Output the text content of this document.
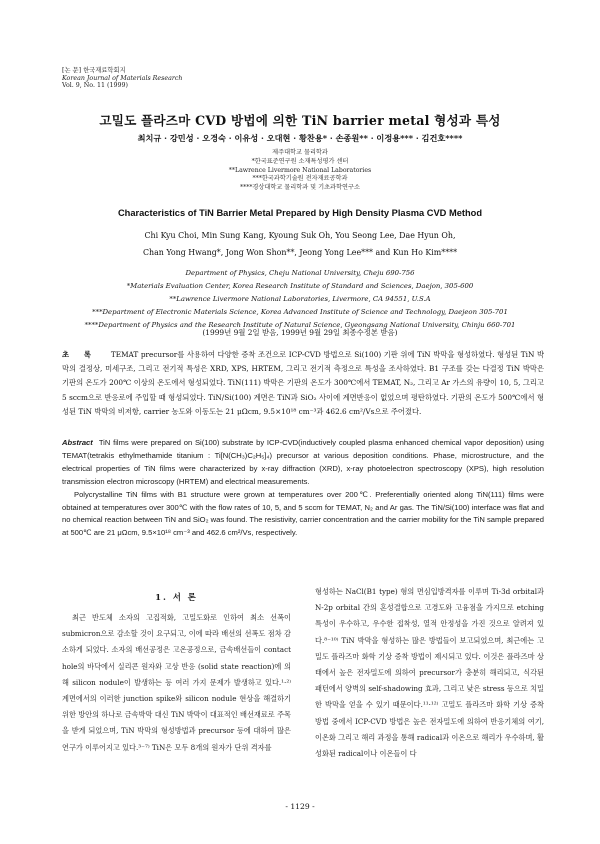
[논 문] 한국재료학회지
Korean Journal of Materials Research
Vol. 9, No. 11 (1999)
고밀도 플라즈마 CVD 방법에 의한 TiN barrier metal 형성과 특성
최치규 · 강민성 · 오경숙 · 이유성 · 오대현 · 황찬용* · 손종원** · 이정용*** · 김건호****
제주대학교 물리학과
*한국표준연구원 소재특성평가 센터
**Lawrence Livermore National Laboratories
***한국과학기술원 전자재료공학과
****경상대학교 물리학과 및 기초과학연구소
Characteristics of TiN Barrier Metal Prepared by High Density Plasma CVD Method
Chi Kyu Choi, Min Sung Kang, Kyoung Suk Oh, You Seong Lee, Dae Hyun Oh,
Chan Yong Hwang*, Jong Won Shon**, Jeong Yong Lee*** and Kun Ho Kim****
Department of Physics, Cheju National University, Cheju 690-756
*Materials Evaluation Center, Korea Research Institute of Standard and Sciences, Daejon, 305-600
**Lawrence Livermore National Laboratories, Livermore, CA 94551, U.S.A
***Department of Electronic Materials Science, Korea Advanced Institute of Science and Technology, Daejeon 305-701
****Department of Physics and the Research Institute of Natural Science, Gyeongsang National University, Chinju 660-701
(1999년 9월 2일 받음, 1999년 9월 29일 최종수정본 받음)
초 록 TEMAT precursor를 사용하여 다양한 증착 조건으로 ICP-CVD 방법으로 Si(100) 기판 위에 TiN 박막을 형성하였다. 형성된 TiN 박막의 결정상, 미세구조, 그리고 전기적 특성은 XRD, XPS, HRTEM, 그리고 전기적 측정으로 특성을 조사하였다. B1 구조를 갖는 다결정 TiN 박막은 기판의 온도가 200℃ 이상의 온도에서 형성되었다. TiN(111) 박막은 기판의 온도가 300℃에서 TEMAT, N₂, 그리고 Ar 가스의 유량이 10, 5, 그리고 5 sccm으로 반응로에 주입할 때 형성되었다. TiN/Si(100) 계면은 TiN과 SiO₂ 사이에 계면반응이 없었으며 평탄하였다. 기판의 온도가 500℃에서 형성된 TiN 박막의 비저항, carrier 농도와 이동도는 21 μΩcm, 9.5×10¹⁸ cm⁻³과 462.6 cm²/Vs으로 주어졌다.

Abstract TiN films were prepared on Si(100) substrate by ICP-CVD(inductively coupled plasma enhanced chemical vapor deposition) using TEMAT(tetrakis ethylmethamide titanium : Ti[N(CH₃)C₂H₅]₄) precursor at various deposition conditions. Phase, microstructure, and the electrical properties of TiN films were characterized by x-ray diffraction (XRD), x-ray photoelectron spectroscopy (XPS), high resolution transmission electron microscopy (HRTEM) and electrical measurements.

Polycrystalline TiN films with B1 structure were grown at temperatures over 200℃. Preferentially oriented along TiN(111) films were obtained at temperatures over 300℃ with the flow rates of 10, 5, and 5 sccm for TEMAT, N₂ and Ar gas. The TiN/Si(100) interface was flat and no chemical reaction between TiN and SiO₂ was found. The resistivity, carrier concentration and the carrier mobility for the TiN sample prepared at 500℃ are 21 μΩcm, 9.5×10¹⁸ cm⁻³ and 462.6 cm²/Vs, respectively.

1. 서 론

최근 반도체 소자의 고집적화, 고밀도화로 인하여 최소 선폭이 submicron으로 감소할 것이 요구되고, 이에 따라 배선의 선폭도 점차 감소하게 되었다. 소자의 배선공정은 고온공정으로, 금속배선들이 contact hole의 바닥에서 실리콘 원자와 고상 반응 (solid state reaction)에 의해 silicon nodule이 발생하는 등 여러 가지 문제가 발생하고 있다.¹·²⁾ 계면에서의 이러한 junction spike와 silicon nodule 현상을 해결하기 위한 방안의 하나로 금속박막 대신 TiN 박막이 대표적인 배선재료로 주목을 받게 되었으며, TiN 박막의 형성방법과 precursor 등에 대하여 많은 연구가 이루어지고 있다.³⁻⁷⁾ TiN은 모두 8개의 원자가 단위 격자를

형성하는 NaCl(B1 type) 형의 면심입방격자를 이루며 Ti-3d orbital과 N-2p orbital 간의 혼성결합으로 고경도와 고융점을 가지므로 etching 특성이 우수하고, 우수한 접착성, 열적 안정성을 가진 것으로 알려져 있다.⁸⁻¹⁰⁾ TiN 박막을 형성하는 많은 방법들이 보고되었으며, 최근에는 고밀도 플라즈마 화학 기상 증착 방법이 제시되고 있다. 이것은 플라즈마 상태에서 높은 전자밀도에 의하여 precursor가 충분히 해리되고, 식각된 패턴에서 양벽의 self-shadowing 효과, 그리고 낮은 stress 등으로 치밀한 박막을 얻을 수 있기 때문이다.¹¹·¹²⁾ 고밀도 플라즈마 화학 기상 증착 방법 중에서 ICP-CVD 방법은 높은 전자밀도에 의하여 반응기체의 여기, 이온화 그리고 해리 과정을 통해 radical과 이온으로 해리가 우수하며, 활성화된 radical이나 이온들이 다

- 1129 -
